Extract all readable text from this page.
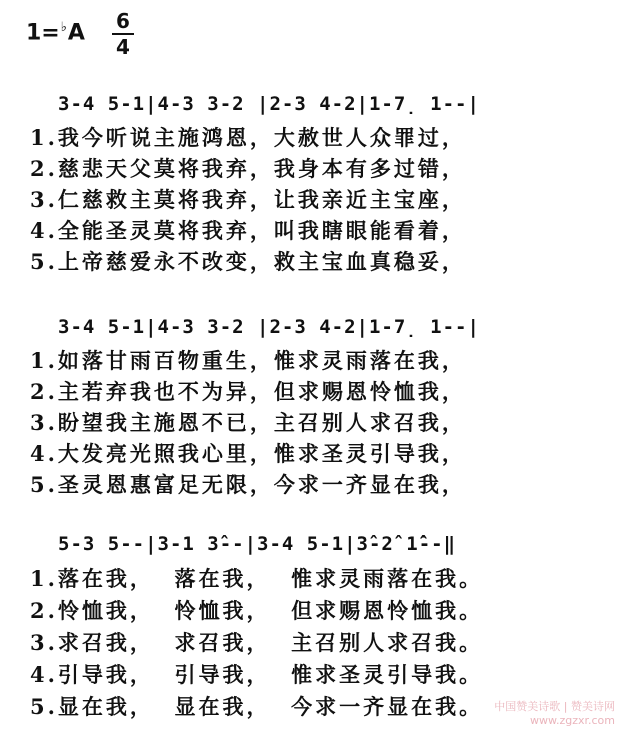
1=♭A 6
4
3-4 5-1|4-3 3-2 |2-3 4-2|1-7̣ 1--|
1.我今听说主施鸿恩，大赦世人众罪过，
2.慈悲天父莫将我弃，我身本有多过错，
3.仁慈救主莫将我弃，让我亲近主宝座，
4.全能圣灵莫将我弃，叫我瞎眼能看着，
5.上帝慈爱永不改变，救主宝血真稳妥，
3-4 5-1|4-3 3-2 |2-3 4-2|1-7̣ 1--|
1.如落甘雨百物重生，惟求灵雨落在我，
2.主若弃我也不为异，但求赐恩怜恤我，
3.盼望我主施恩不已，主召别人求召我，
4.大发亮光照我心里，惟求圣灵引导我，
5.圣灵恩惠富足无限，今求一齐显在我，
5-3 5--|3-1 3̂--|3-4 5-1|3̂-2̂ 1̂̇--‖
1.落在我，  落在我，  惟求灵雨落在我。
2.怜恤我，  怜恤我，  但求赐恩怜恤我。
3.求召我，  求召我，  主召别人求召我。
4.引导我，  引导我，  惟求圣灵引导我。
5.显在我，  显在我，  今求一齐显在我。 中国赞美诗歌 | 赞美诗网
www.zgzxr.com
